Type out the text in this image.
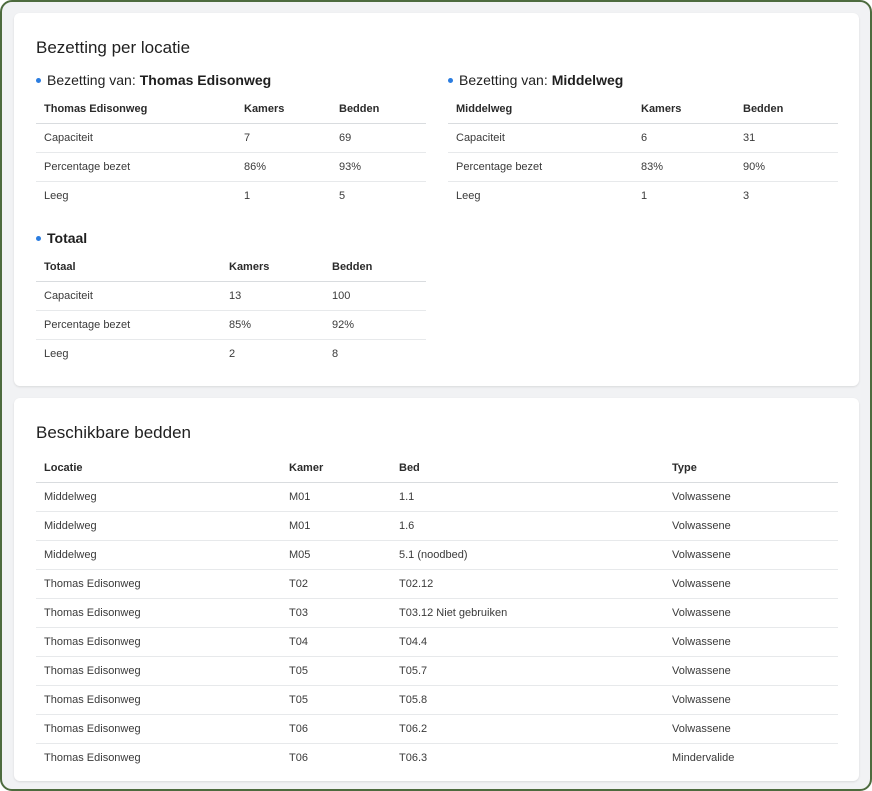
Bezetting per locatie
Bezetting van: Thomas Edisonweg
Thomas Edisonweg	Kamers	Bedden
Capaciteit	7	69
Percentage bezet	86%	93%
Leeg	1	5
Bezetting van: Middelweg
Middelweg	Kamers	Bedden
Capaciteit	6	31
Percentage bezet	83%	90%
Leeg	1	3
Totaal
Totaal	Kamers	Bedden
Capaciteit	13	100
Percentage bezet	85%	92%
Leeg	2	8
Beschikbare bedden
Locatie	Kamer	Bed	Type
Middelweg	M01	1.1	Volwassene
Middelweg	M01	1.6	Volwassene
Middelweg	M05	5.1 (noodbed)	Volwassene
Thomas Edisonweg	T02	T02.12	Volwassene
Thomas Edisonweg	T03	T03.12 Niet gebruiken	Volwassene
Thomas Edisonweg	T04	T04.4	Volwassene
Thomas Edisonweg	T05	T05.7	Volwassene
Thomas Edisonweg	T05	T05.8	Volwassene
Thomas Edisonweg	T06	T06.2	Volwassene
Thomas Edisonweg	T06	T06.3	Mindervalide
